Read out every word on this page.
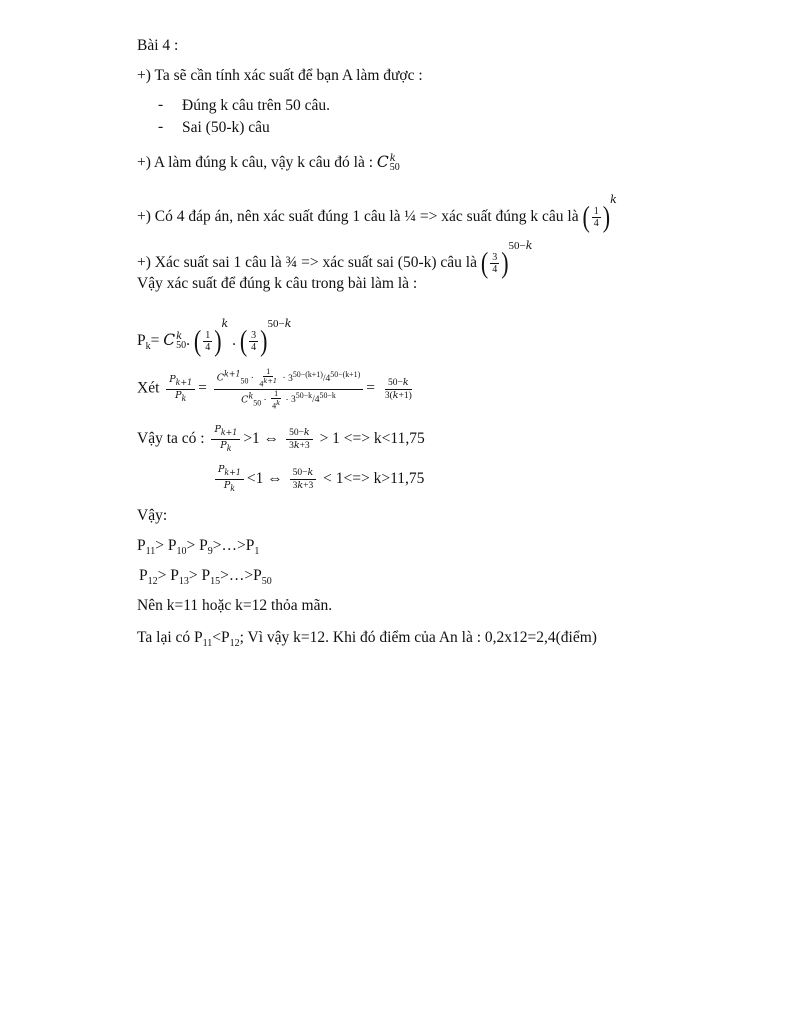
Bài 4 :
+) Ta sẽ cần tính xác suất để bạn A làm được :
- Đúng k câu trên 50 câu.
- Sai (50-k) câu
+) A làm đúng k câu, vậy k câu đó là : C k
50
+) Có 4 đáp án, nên xác suất đúng 1 câu là ¼ => xác suất đúng k câu là ( $\frac{1}{4} )^k$
+) Xác suất sai 1 câu là ¾ => xác suất sai (50-k) câu là ( $\frac{3}{4} )^{50-k}$
Vậy xác suất để đúng k câu trong bài làm là :
$P_k= C$ k
50 . ( $\frac{1}{4} )^k$ . ( $\frac{3}{4} )^{50-k}$
Xét $\frac{P_{k+1}}{P_k} = \frac{C^{k+1}_{50} \cdot \frac{1}{4^{k+1}} \cdot 3^{50-(k+1)}/4^{50-(k+1)}}{C^k_{50} \cdot \frac{1}{4^k} \cdot 3^{50-k}/4^{50-k}} = \frac{50-k}{3(k+1)}$
Vậy ta có : $\frac{P_{k+1}}{P_k} >1$ ⇔ $\frac{50-k}{3k+3} > 1$ <=> k<11,75
$\frac{P_{k+1}}{P_k} <1$ ⇔ $\frac{50-k}{3k+3} < 1<=> k>11,75$
Vậy:
$P_{11}> P_{10}>$ $P_9>\dots>P_1$
$P_{12}> P_{13}>$ $P_{15}>\dots>P_{50}$
Nên k=11 hoặc k=12 thỏa mãn.
Ta lại có $P_{11}<P_{12}$; Vì vậy k=12. Khi đó điểm của An là : 0,2x12=2,4(điểm)
